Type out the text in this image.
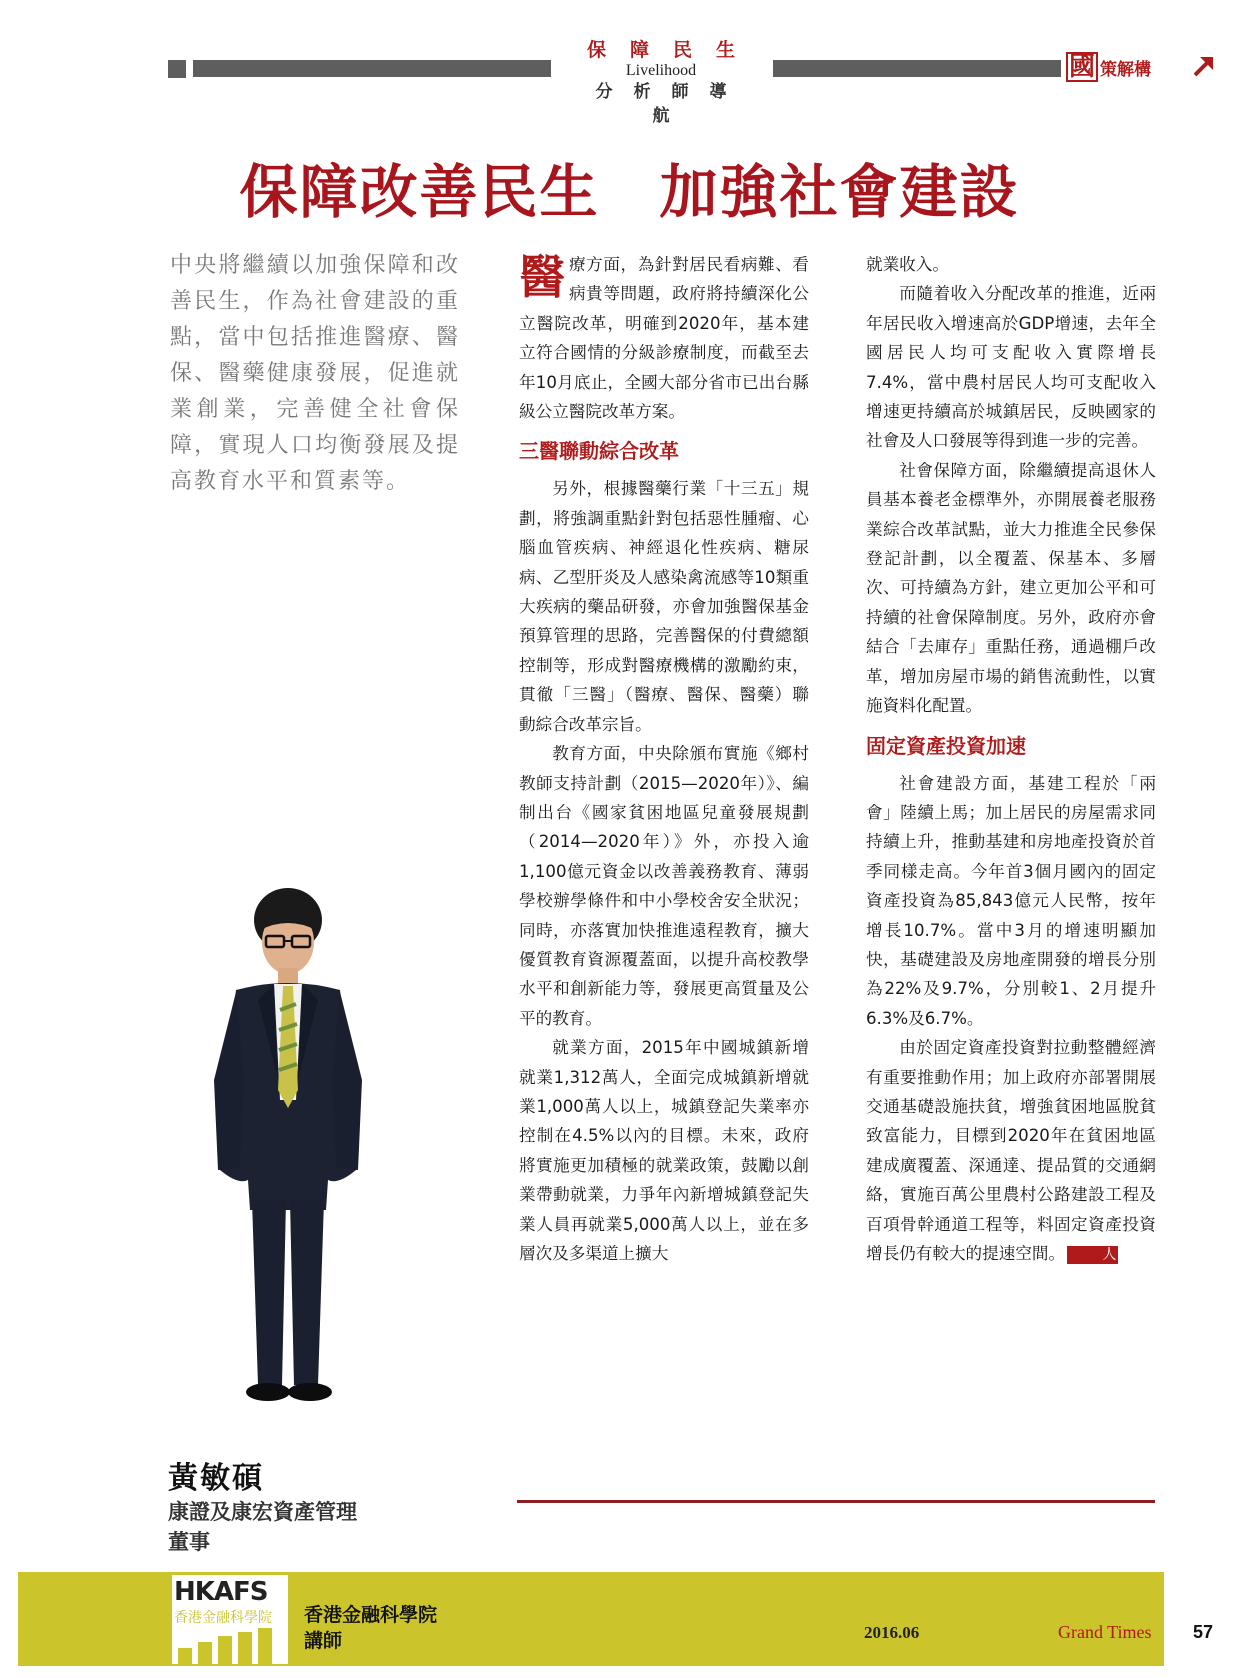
保障民生
Livelihood
分析師導航
國 策解構
保障改善民生　加強社會建設
中央將繼續以加強保障和改善民生，作為社會建設的重點，當中包括推進醫療、醫保、醫藥健康發展，促進就業創業，完善健全社會保障，實現人口均衡發展及提高教育水平和質素等。
醫 療方面，為針對居民看病難、看病貴等問題，政府將持續深化公立醫院改革，明確到2020年，基本建立符合國情的分級診療制度，而截至去年10月底止，全國大部分省市已出台縣級公立醫院改革方案。

三醫聯動綜合改革

另外，根據醫藥行業「十三五」規劃，將強調重點針對包括惡性腫瘤、心腦血管疾病、神經退化性疾病、糖尿病、乙型肝炎及人感染禽流感等10類重大疾病的藥品研發，亦會加強醫保基金預算管理的思路，完善醫保的付費總額控制等，形成對醫療機構的激勵約束，貫徹「三醫」（醫療、醫保、醫藥）聯動綜合改革宗旨。

教育方面，中央除頒布實施《鄉村教師支持計劃（2015—2020年）》、編制出台《國家貧困地區兒童發展規劃（2014—2020年）》外，亦投入逾1,100億元資金以改善義務教育、薄弱學校辦學條件和中小學校舍安全狀況；同時，亦落實加快推進遠程教育，擴大優質教育資源覆蓋面，以提升高校教學水平和創新能力等，發展更高質量及公平的教育。

就業方面，2015年中國城鎮新增就業1,312萬人，全面完成城鎮新增就業1,000萬人以上，城鎮登記失業率亦控制在4.5%以內的目標。未來，政府將實施更加積極的就業政策，鼓勵以創業帶動就業，力爭年內新增城鎮登記失業人員再就業5,000萬人以上，並在多層次及多渠道上擴大

就業收入。

而隨着收入分配改革的推進，近兩年居民收入增速高於GDP增速，去年全國居民人均可支配收入實際增長7.4%，當中農村居民人均可支配收入增速更持續高於城鎮居民，反映國家的社會及人口發展等得到進一步的完善。

社會保障方面，除繼續提高退休人員基本養老金標準外，亦開展養老服務業綜合改革試點，並大力推進全民參保登記計劃，以全覆蓋、保基本、多層次、可持續為方針，建立更加公平和可持續的社會保障制度。另外，政府亦會結合「去庫存」重點任務，通過棚戶改革，增加房屋市場的銷售流動性，以實施資料化配置。

固定資產投資加速

社會建設方面，基建工程於「兩會」陸續上馬；加上居民的房屋需求同持續上升，推動基建和房地產投資於首季同樣走高。今年首3個月國內的固定資產投資為85,843億元人民幣，按年增長10.7%。當中3月的增速明顯加快，基礎建設及房地產開發的增長分別為22%及9.7%，分別較1、2月提升6.3%及6.7%。

由於固定資產投資對拉動整體經濟有重要推動作用；加上政府亦部署開展交通基礎設施扶貧，增強貧困地區脫貧致富能力，目標到2020年在貧困地區建成廣覆蓋、深通達、提品質的交通網絡，實施百萬公里農村公路建設工程及百項骨幹通道工程等，料固定資產投資增長仍有較大的提速空間。	人

黃敏碩
康證及康宏資產管理
董事
HKAFS
香港金融科學院 香港金融科學院
講師	2016.06	Grand Times 57
